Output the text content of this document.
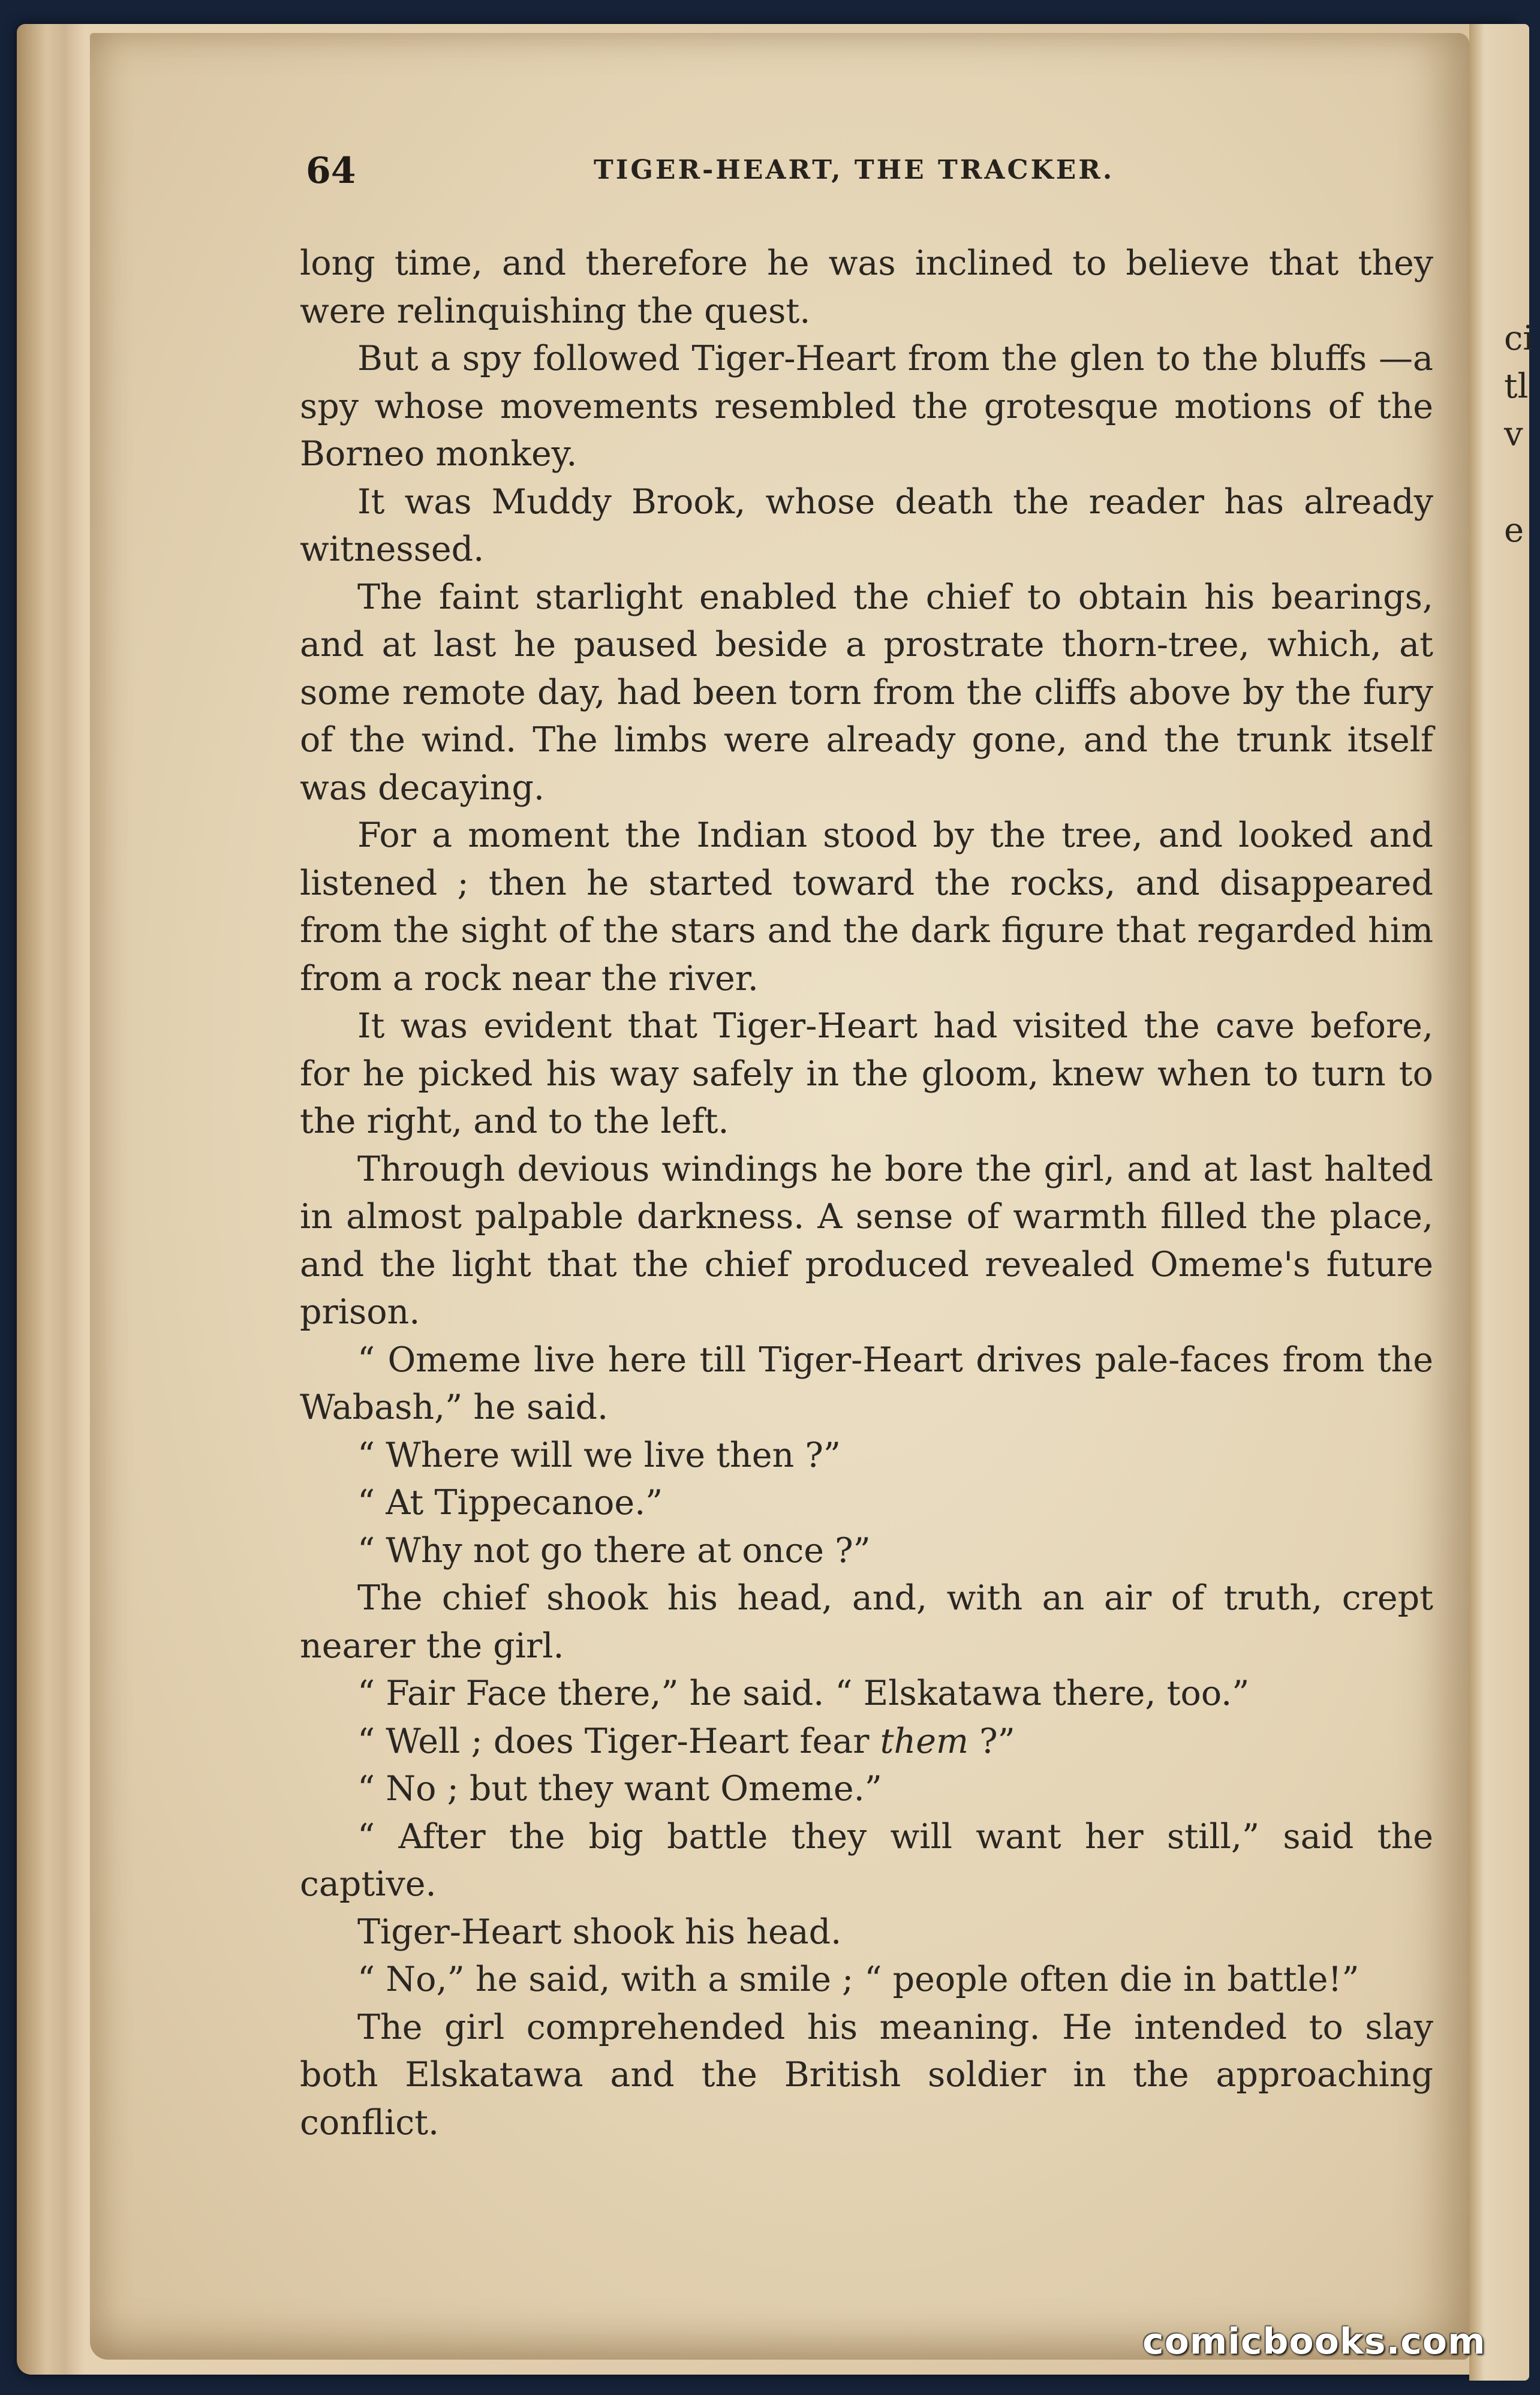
ci
tl
v
e
64	TIGER-HEART, THE TRACKER.

long time, and therefore he was inclined to believe that they were relinquishing the quest.

But a spy followed Tiger-Heart from the glen to the bluffs —a spy whose movements resembled the grotesque motions of the Borneo monkey.

It was Muddy Brook, whose death the reader has already witnessed.

The faint starlight enabled the chief to obtain his bearings, and at last he paused beside a prostrate thorn-tree, which, at some remote day, had been torn from the cliffs above by the fury of the wind. The limbs were already gone, and the trunk itself was decaying.

For a moment the Indian stood by the tree, and looked and listened ; then he started toward the rocks, and disappeared from the sight of the stars and the dark figure that regarded him from a rock near the river.

It was evident that Tiger-Heart had visited the cave before, for he picked his way safely in the gloom, knew when to turn to the right, and to the left.

Through devious windings he bore the girl, and at last halted in almost palpable darkness. A sense of warmth filled the place, and the light that the chief produced revealed Omeme's future prison.

“ Omeme live here till Tiger-Heart drives pale-faces from the Wabash,” he said.

“ Where will we live then ?”

“ At Tippecanoe.”

“ Why not go there at once ?”

The chief shook his head, and, with an air of truth, crept nearer the girl.

“ Fair Face there,” he said. “ Elskatawa there, too.”

“ Well ; does Tiger-Heart fear them ?”

“ No ; but they want Omeme.”

“ After the big battle they will want her still,” said the captive.

Tiger-Heart shook his head.

“ No,” he said, with a smile ; “ people often die in battle!”

The girl comprehended his meaning. He intended to slay both Elskatawa and the British soldier in the approaching conflict.

comicbooks.com
